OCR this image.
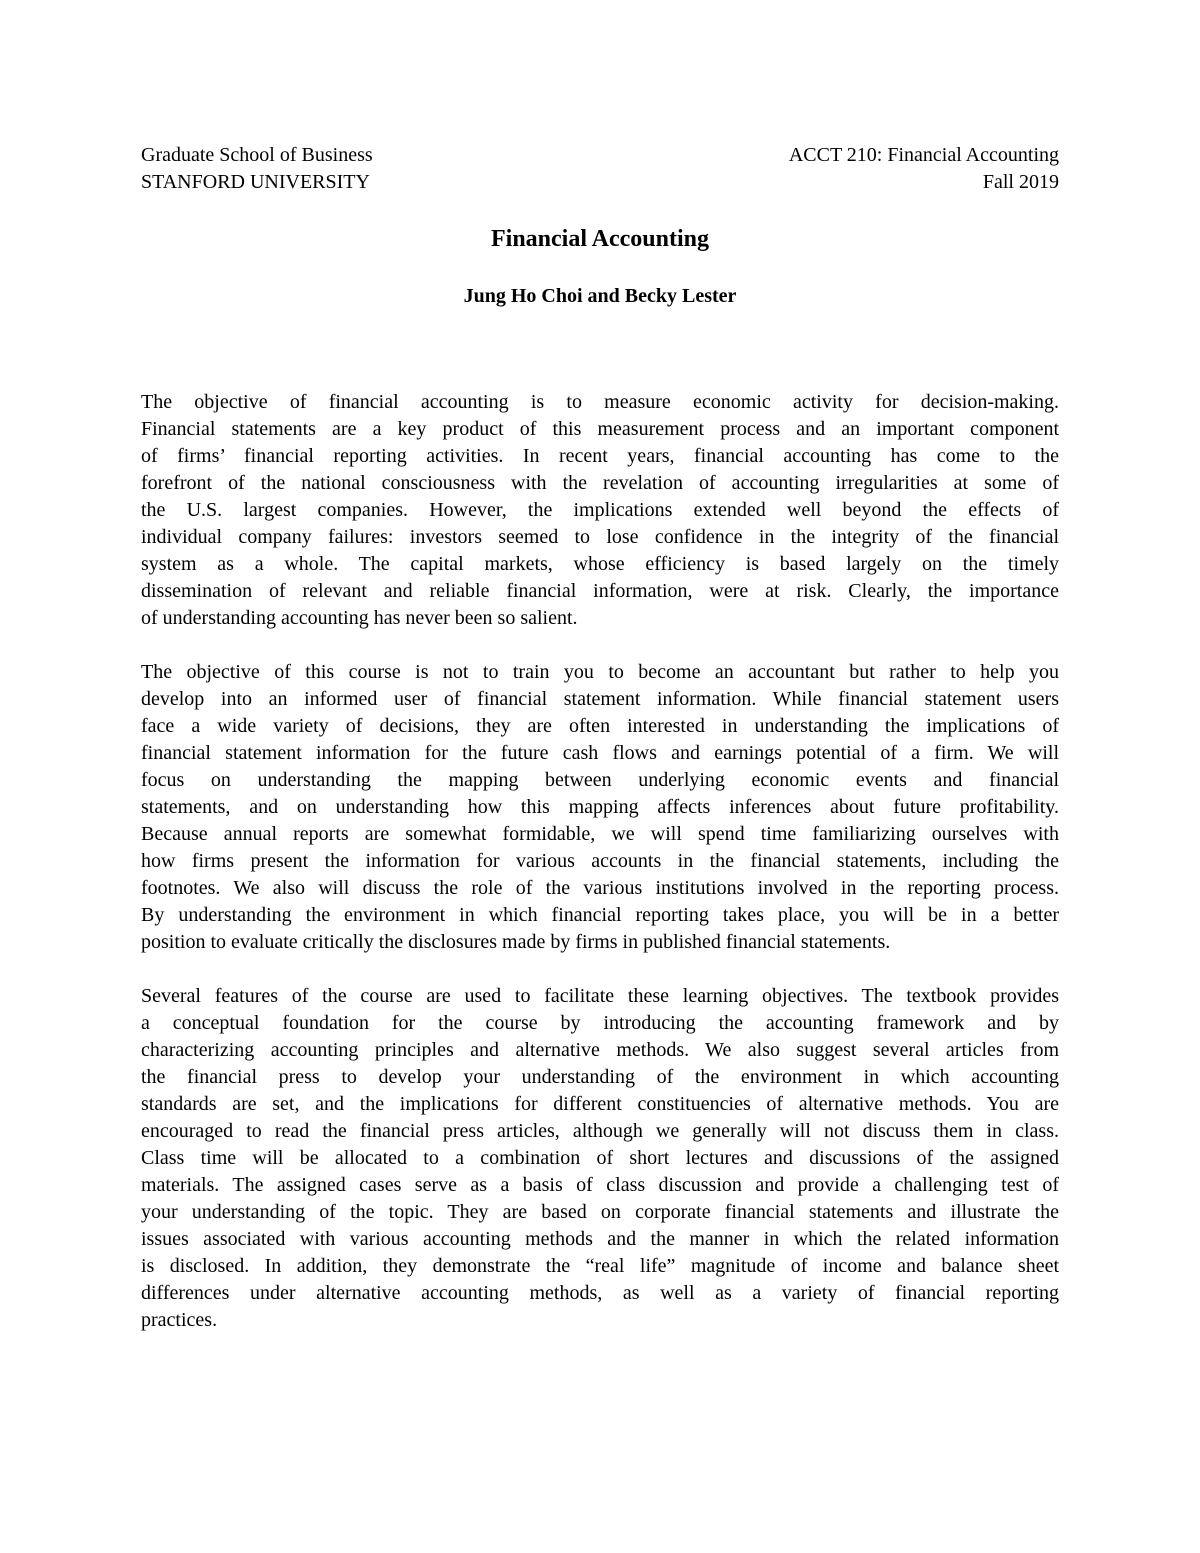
Graduate School of Business
STANFORD UNIVERSITY
ACCT 210: Financial Accounting
Fall 2019
Financial Accounting
Jung Ho Choi and Becky Lester

The objective of financial accounting is to measure economic activity for decision-making.
Financial statements are a key product of this measurement process and an important component
of firms’ financial reporting activities. In recent years, financial accounting has come to the
forefront of the national consciousness with the revelation of accounting irregularities at some of
the U.S. largest companies. However, the implications extended well beyond the effects of
individual company failures: investors seemed to lose confidence in the integrity of the financial
system as a whole. The capital markets, whose efficiency is based largely on the timely
dissemination of relevant and reliable financial information, were at risk. Clearly, the importance
of understanding accounting has never been so salient.

The objective of this course is not to train you to become an accountant but rather to help you
develop into an informed user of financial statement information. While financial statement users
face a wide variety of decisions, they are often interested in understanding the implications of
financial statement information for the future cash flows and earnings potential of a firm. We will
focus on understanding the mapping between underlying economic events and financial
statements, and on understanding how this mapping affects inferences about future profitability.
Because annual reports are somewhat formidable, we will spend time familiarizing ourselves with
how firms present the information for various accounts in the financial statements, including the
footnotes. We also will discuss the role of the various institutions involved in the reporting process.
By understanding the environment in which financial reporting takes place, you will be in a better
position to evaluate critically the disclosures made by firms in published financial statements.

Several features of the course are used to facilitate these learning objectives. The textbook provides
a conceptual foundation for the course by introducing the accounting framework and by
characterizing accounting principles and alternative methods. We also suggest several articles from
the financial press to develop your understanding of the environment in which accounting
standards are set, and the implications for different constituencies of alternative methods. You are
encouraged to read the financial press articles, although we generally will not discuss them in class.
Class time will be allocated to a combination of short lectures and discussions of the assigned
materials. The assigned cases serve as a basis of class discussion and provide a challenging test of
your understanding of the topic. They are based on corporate financial statements and illustrate the
issues associated with various accounting methods and the manner in which the related information
is disclosed. In addition, they demonstrate the “real life” magnitude of income and balance sheet
differences under alternative accounting methods, as well as a variety of financial reporting
practices.
